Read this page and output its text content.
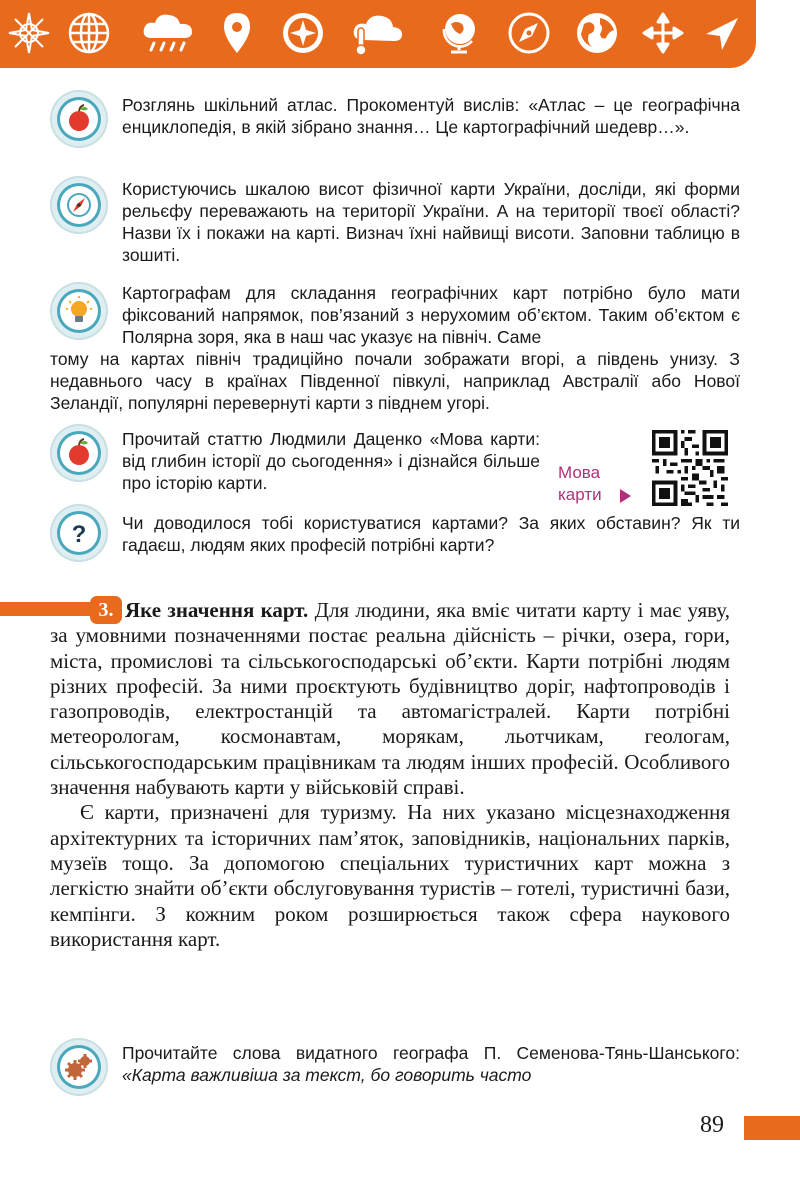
Розглянь шкільний атлас. Прокоментуй вислів: «Атлас – це географічна енциклопедія, в якій зібрано знання… Це картографічний шедевр…».
Користуючись шкалою висот фізичної карти України, досліди, які форми рельєфу переважають на території України. А на території твоєї області? Назви їх і покажи на карті. Визнач їхні найвищі висоти. Заповни таблицю в зошиті.
Картографам для складання географічних карт потрібно було мати фіксований напрямок, пов’язаний з нерухомим об’єктом. Таким об’єктом є Полярна зоря, яка в наш час указує на північ. Саме
тому на картах північ традиційно почали зображати вгорі, а південь унизу. З недавнього часу в країнах Південної півкулі, наприклад Австралії або Нової Зеландії, популярні перевернуті карти з півднем угорі.
Прочитай статтю Людмили Даценко «Мова карти: від глибин історії до сьогодення» і дізнайся більше про історію карти.
Мова
карти
? Чи доводилося тобі користуватися картами? За яких обставин? Як ти гадаєш, людям яких професій потрібні карти?
3. Яке значення карт. Для людини, яка вміє читати карту і має уяву, за умовними позначеннями постає реальна дійсність – річки, озера, гори, міста, промислові та сільськогосподарські об’єкти. Карти потрібні людям різних професій. За ними проєктують будівництво доріг, нафтопроводів і газопроводів, електростанцій та автомагістралей. Карти потрібні метеорологам, космонавтам, морякам, льотчикам, геологам, сільськогосподарським працівникам та людям інших професій. Особливого значення набувають карти у військовій справі.

Є карти, призначені для туризму. На них указано місцезнаходження архітектурних та історичних пам’яток, заповідників, національних парків, музеїв тощо. За допомогою спеціальних туристичних карт можна з легкістю знайти об’єкти обслуговування туристів – готелі, туристичні бази, кемпінги. З кожним роком розширюється також сфера наукового використання карт.

Прочитайте слова видатного географа П. Семенова-Тянь-Шанського: «Карта важливіша за текст, бо говорить часто
89
